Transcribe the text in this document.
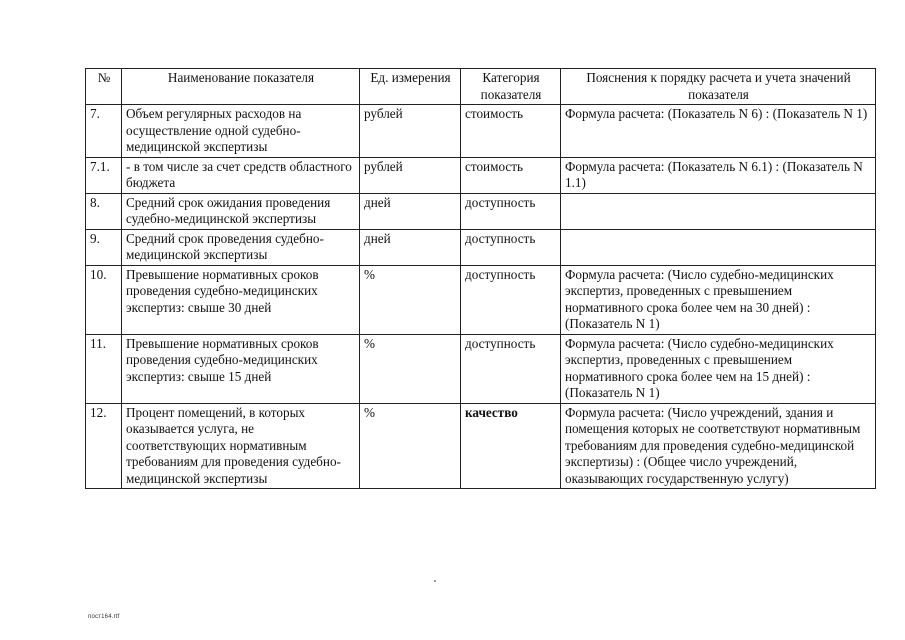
№	Наименование показателя	Ед. измерения	Категория показателя	Пояснения к порядку расчета и учета значений показателя
7.	Объем регулярных расходов на осуществление одной судебно-медицинской экспертизы	рублей	стоимость	Формула расчета: (Показатель N 6) : (Показатель N 1)
7.1.	- в том числе за счет средств областного бюджета	рублей	стоимость	Формула расчета: (Показатель N 6.1) : (Показатель N 1.1)
8.	Средний срок ожидания проведения судебно-медицинской экспертизы	дней	доступность	
9.	Средний срок проведения судебно-медицинской экспертизы	дней	доступность	
10.	Превышение нормативных сроков проведения судебно-медицинских экспертиз: свыше 30 дней	%	доступность	Формула расчета: (Число судебно-медицинских экспертиз, проведенных с превышением нормативного срока более чем на 30 дней) : (Показатель N 1)
11.	Превышение нормативных сроков проведения судебно-медицинских экспертиз: свыше 15 дней	%	доступность	Формула расчета: (Число судебно-медицинских экспертиз, проведенных с превышением нормативного срока более чем на 15 дней) : (Показатель N 1)
12.	Процент помещений, в которых оказывается услуга, не соответствующих нормативным требованиям для проведения судебно-медицинской экспертизы	%	качество	Формула расчета: (Число учреждений, здания и помещения которых не соответствуют нормативным требованиям для проведения судебно-медицинской экспертизы) : (Общее число учреждений, оказывающих государственную услугу)
пост164.rtf
